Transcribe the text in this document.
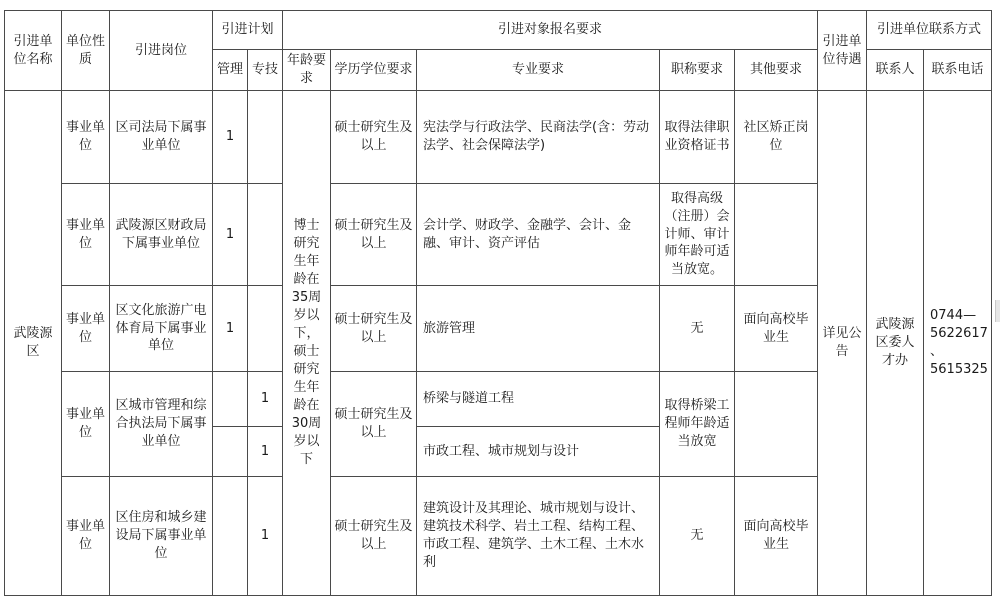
引进单位名称	单位性质	引进岗位	引进计划		引进对象报名要求					引进单位待遇	引进单位联系方式	
			管理	专技	年龄要求	学历学位要求	专业要求	职称要求	其他要求		联系人	联系电话
武陵源区	事业单位	区司法局下属事业单位	1		博士研究生年龄在35周岁以下，硕士研究生年龄在30周岁以下	硕士研究生及以上	宪法学与行政法学、民商法学(含：劳动法学、社会保障法学)	取得法律职业资格证书	社区矫正岗位	详见公告	武陵源区委人才办	0744—5622617 、5615325
	事业单位	武陵源区财政局下属事业单位	1			硕士研究生及以上	会计学、财政学、金融学、会计、金融、审计、资产评估	取得高级（注册）会计师、审计师年龄可适当放宽。				
	事业单位	区文化旅游广电体育局下属事业单位	1			硕士研究生及以上	旅游管理	无	面向高校毕业生			
	事业单位	区城市管理和综合执法局下属事业单位		1		硕士研究生及以上	桥梁与隧道工程	取得桥梁工程师年龄适当放宽				
				1			市政工程、城市规划与设计					
	事业单位	区住房和城乡建设局下属事业单位		1		硕士研究生及以上	建筑设计及其理论、城市规划与设计、建筑技术科学、岩土工程、结构工程、市政工程、建筑学、土木工程、土木水利	无	面向高校毕业生			
